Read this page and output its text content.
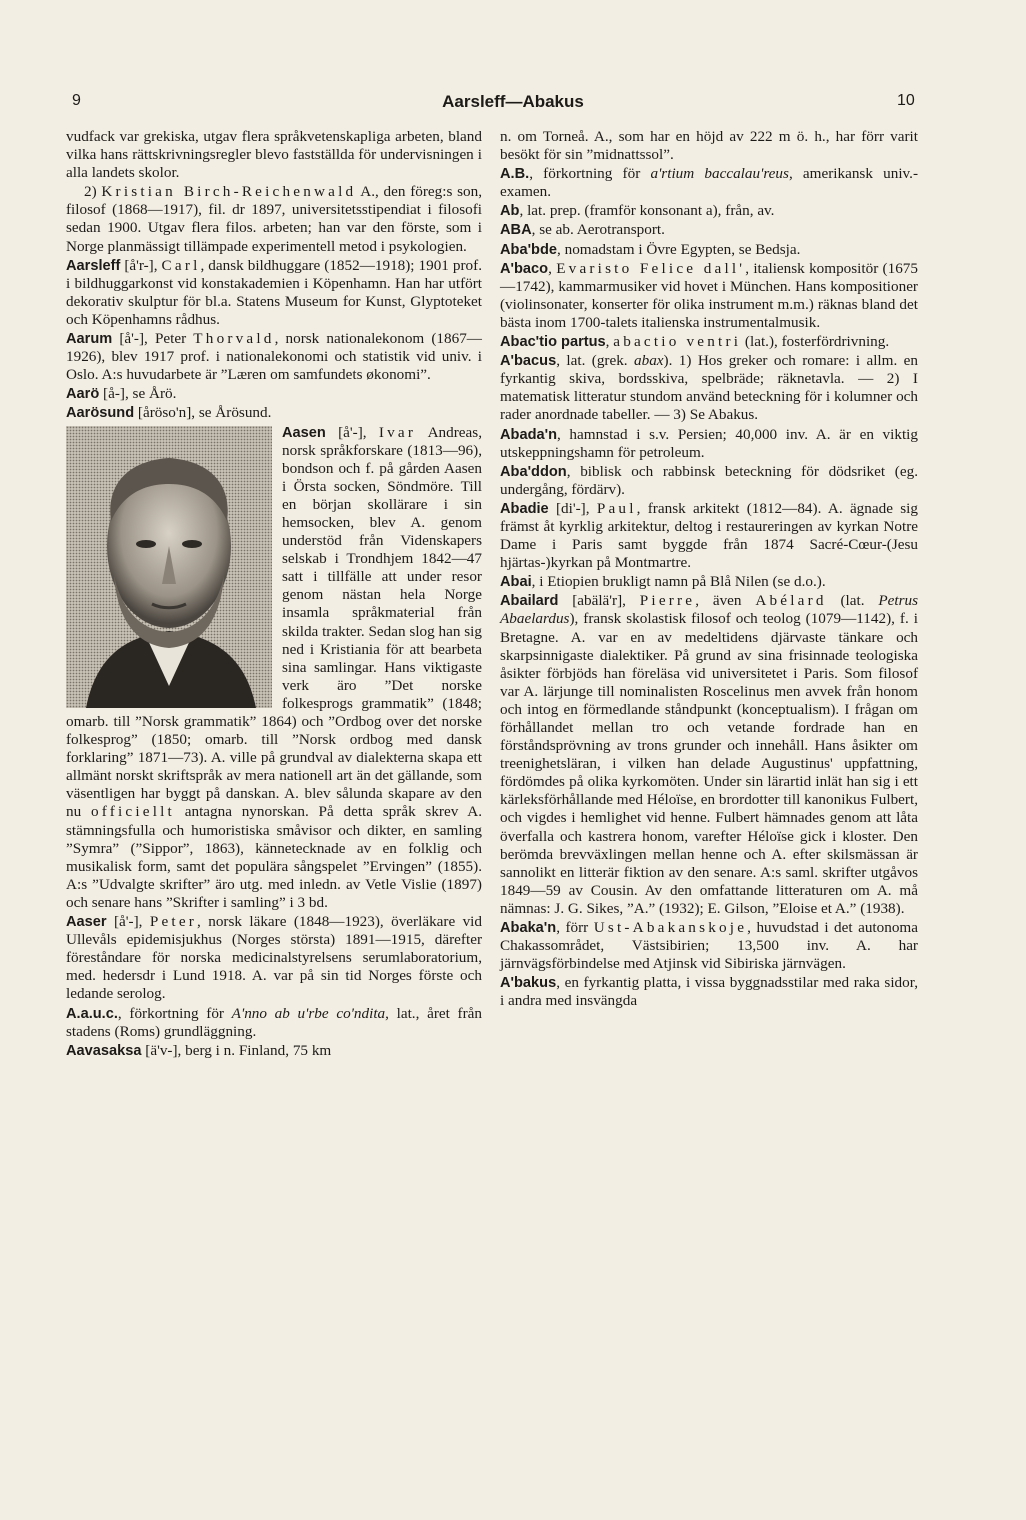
9	Aarsleff—Abakus	10

vudfack var grekiska, utgav flera språkvetenskapliga arbeten, bland vilka hans rättskrivningsregler blevo fastställda för undervisningen i alla landets skolor.

2) Kristian Birch-Reichenwald A., den föreg:s son, filosof (1868—1917), fil. dr 1897, universitetsstipendiat i filosofi sedan 1900. Utgav flera filos. arbeten; han var den förste, som i Norge planmässigt tillämpade experimentell metod i psykologien.

Aarsleff [å'r-], Carl, dansk bildhuggare (1852—1918); 1901 prof. i bildhuggarkonst vid konstakademien i Köpenhamn. Han har utfört dekorativ skulptur för bl.a. Statens Museum for Kunst, Glyptoteket och Köpenhamns rådhus.

Aarum [å'-], Peter Thorvald, norsk nationalekonom (1867—1926), blev 1917 prof. i nationalekonomi och statistik vid univ. i Oslo. A:s huvudarbete är ”Læren om samfundets økonomi”.

Aarö [å-], se Årö.

Aarösund [åröso'n], se Årösund.

Aasen [å'-], Ivar
Andreas, norsk språkforskare (1813—96), bondson och f. på gården Aasen i Örsta socken, Söndmöre. Till en början skollärare i sin hemsocken, blev A. genom understöd från Videnskapers selskab i Trondhjem 1842—47 satt i tillfälle att under resor genom nästan hela Norge insamla språkmaterial från skilda trakter. Sedan slog han sig ned i Kristiania för att bearbeta sina samlingar. Hans viktigaste verk äro ”Det norske folkesprogs grammatik” (1848; omarb. till ”Norsk grammatik” 1864) och ”Ordbog over det norske folkesprog” (1850; omarb. till ”Norsk ordbog med dansk forklaring” 1871—73). A. ville på grundval av dialekterna skapa ett allmänt norskt skriftspråk av mera nationell art än det gällande, som väsentligen har byggt på danskan. A. blev sålunda skapare av den nu officiellt antagna nynorskan. På detta språk skrev A. stämningsfulla och humoristiska småvisor och dikter, en samling ”Symra” (”Sippor”, 1863), kännetecknade av en folklig och musikalisk form, samt det populära sångspelet ”Ervingen” (1855). A:s ”Udvalgte skrifter” äro utg. med inledn. av Vetle Vislie (1897) och senare hans ”Skrifter i samling” i 3 bd.

Aaser [å'-], Peter, norsk läkare (1848—1923), överläkare vid Ullevåls epidemisjukhus (Norges största) 1891—1915, därefter föreståndare för norska medicinalstyrelsens serumlaboratorium, med. hedersdr i Lund 1918. A. var på sin tid Norges förste och ledande serolog.

A.a.u.c., förkortning för A'nno ab u'rbe co'ndita, lat., året från stadens (Roms) grundläggning.

Aavasaksa [ä'v-], berg i n. Finland, 75 km

n. om Torneå. A., som har en höjd av 222 m ö. h., har förr varit besökt för sin ”midnattssol”.

A.B., förkortning för a'rtium baccalau'reus, amerikansk univ.-examen.

Ab, lat. prep. (framför konsonant a), från, av.

ABA, se ab. Aerotransport.

Aba'bde, nomadstam i Övre Egypten, se Bedsja.

A'baco, Evaristo Felice dall', italiensk kompositör (1675—1742), kammarmusiker vid hovet i München. Hans kompositioner (violinsonater, konserter för olika instrument m.m.) räknas bland det bästa inom 1700-talets italienska instrumentalmusik.

Abac'tio partus, abactio ventri (lat.), fosterfördrivning.

A'bacus, lat. (grek. abax). 1) Hos greker och romare: i allm. en fyrkantig skiva, bordsskiva, spelbräde; räknetavla. — 2) I matematisk litteratur stundom använd beteckning för i kolumner och rader anordnade tabeller. — 3) Se Abakus.

Abada'n, hamnstad i s.v. Persien; 40,000 inv. A. är en viktig utskeppningshamn för petroleum.

Aba'ddon, biblisk och rabbinsk beteckning för dödsriket (eg. undergång, fördärv).

Abadie [di'-], Paul, fransk arkitekt (1812—84). A. ägnade sig främst åt kyrklig arkitektur, deltog i restaureringen av kyrkan Notre Dame i Paris samt byggde från 1874 Sacré-Cœur-(Jesu hjärtas-)kyrkan på Montmartre.

Abai, i Etiopien brukligt namn på Blå Nilen (se d.o.).

Abailard [abälä'r], Pierre, även Abélard (lat. Petrus Abaelardus), fransk skolastisk filosof och teolog (1079—1142), f. i Bretagne. A. var en av medeltidens djärvaste tänkare och skarpsinnigaste dialektiker. På grund av sina frisinnade teologiska åsikter förbjöds han föreläsa vid universitetet i Paris. Som filosof var A. lärjunge till nominalisten Roscelinus men avvek från honom och intog en förmedlande ståndpunkt (konceptualism). I frågan om förhållandet mellan tro och vetande fordrade han en förståndsprövning av trons grunder och innehåll. Hans åsikter om treenighetsläran, i vilken han delade Augustinus' uppfattning, fördömdes på olika kyrkomöten. Under sin lärartid inlät han sig i ett kärleksförhållande med Héloïse, en brordotter till kanonikus Fulbert, och vigdes i hemlighet vid henne. Fulbert hämnades genom att låta överfalla och kastrera honom, varefter Héloïse gick i kloster. Den berömda brevväxlingen mellan henne och A. efter skilsmässan är sannolikt en litterär fiktion av den senare. A:s saml. skrifter utgåvos 1849—59 av Cousin. Av den omfattande litteraturen om A. må nämnas: J. G. Sikes, ”A.” (1932); E. Gilson, ”Eloise et A.” (1938).

Abaka'n, förr Ust-Abakanskoje, huvudstad i det autonoma Chakassområdet, Västsibirien; 13,500 inv. A. har järnvägsförbindelse med Atjinsk vid Sibiriska järnvägen.

A'bakus, en fyrkantig platta, i vissa byggnadsstilar med raka sidor, i andra med insvängda
